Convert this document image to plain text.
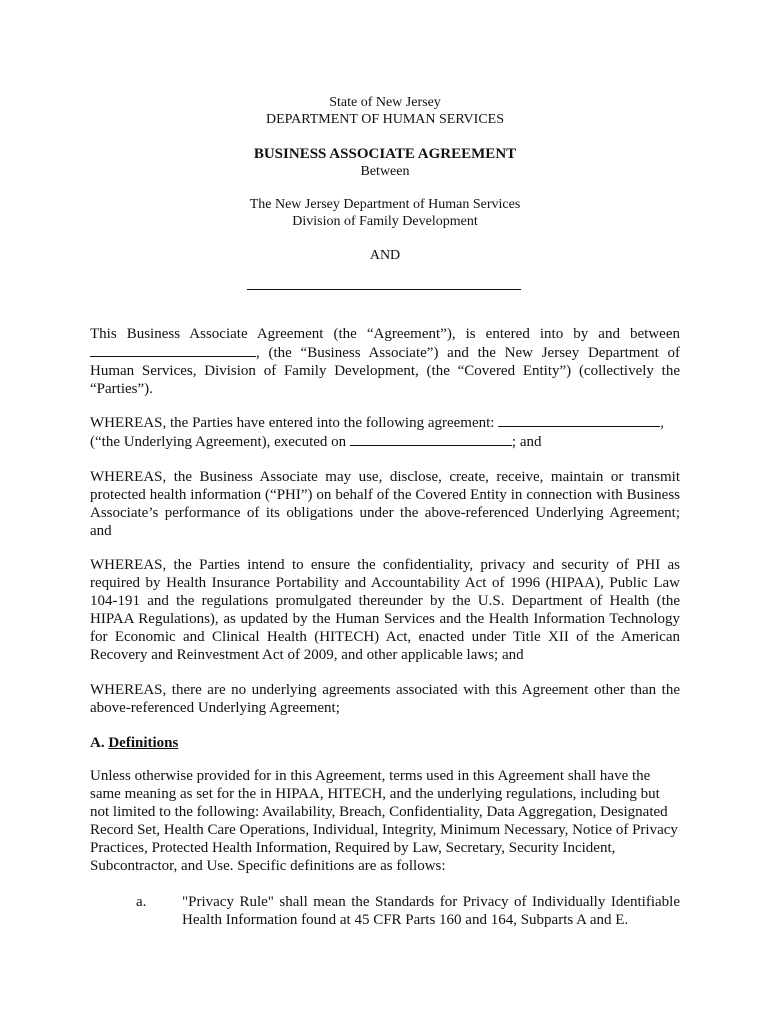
State of New Jersey
DEPARTMENT OF HUMAN SERVICES
BUSINESS ASSOCIATE AGREEMENT
Between
The New Jersey Department of Human Services
Division of Family Development
AND
This Business Associate Agreement (the “Agreement”), is entered into by and between , (the “Business Associate”) and the New Jersey Department of Human Services, Division of Family Development, (the “Covered Entity”) (collectively the “Parties”).
WHEREAS, the Parties have entered into the following agreement:	,
(“the Underlying Agreement), executed on	; and
WHEREAS, the Business Associate may use, disclose, create, receive, maintain or transmit protected health information (“PHI”) on behalf of the Covered Entity in connection with Business Associate’s performance of its obligations under the above-referenced Underlying Agreement; and
WHEREAS, the Parties intend to ensure the confidentiality, privacy and security of PHI as required by Health Insurance Portability and Accountability Act of 1996 (HIPAA), Public Law 104-191 and the regulations promulgated thereunder by the U.S. Department of Health (the HIPAA Regulations), as updated by the Human Services and the Health Information Technology for Economic and Clinical Health (HITECH) Act, enacted under Title XII of the American Recovery and Reinvestment Act of 2009, and other applicable laws; and
WHEREAS, there are no underlying agreements associated with this Agreement other than the above-referenced Underlying Agreement;
A. Definitions
Unless otherwise provided for in this Agreement, terms used in this Agreement shall have the same meaning as set for the in HIPAA, HITECH, and the underlying regulations, including but not limited to the following: Availability, Breach, Confidentiality, Data Aggregation, Designated Record Set, Health Care Operations, Individual, Integrity, Minimum Necessary, Notice of Privacy Practices, Protected Health Information, Required by Law, Secretary, Security Incident, Subcontractor, and Use. Specific definitions are as follows:
a. "Privacy Rule" shall mean the Standards for Privacy of Individually Identifiable Health Information found at 45 CFR Parts 160 and 164, Subparts A and E.
